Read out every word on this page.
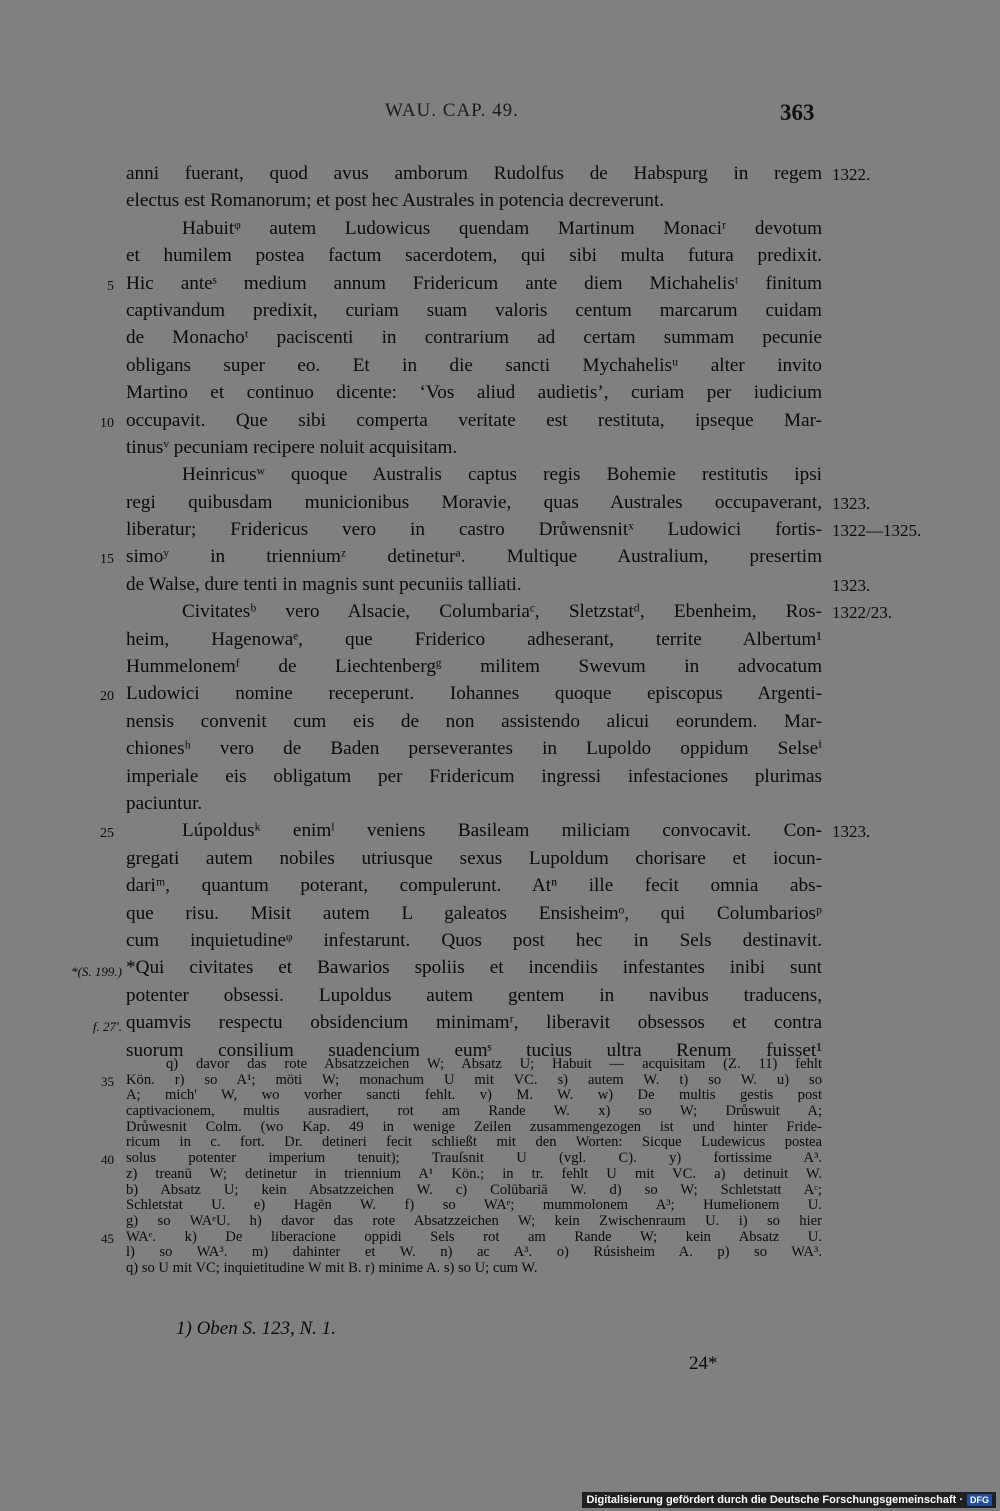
WAU. CAP. 49.	363
anni fuerant, quod avus amborum Rudolfus de Habspurg in regem 1322.
electus est Romanorum; et post hec Australes in potencia decreverunt.
Habuitᵠ autem Ludowicus quendam Martinum Monaciʳ devotum
et humilem postea factum sacerdotem, qui sibi multa futura predixit.
Hic anteˢ medium annum Fridericum ante diem Michahelisᵗ finitum
5
captivandum predixit, curiam suam valoris centum marcarum cuidam
de Monachoᵗ paciscenti in contrarium ad certam summam pecunie
obligans super eo. Et in die sancti Mychahelisᵘ alter invito
Martino et continuo dicente: ‘Vos aliud audietis’, curiam per iudicium
occupavit. Que sibi comperta veritate est restituta, ipseque Mar-
10
tinusᵛ pecuniam recipere noluit acquisitam.
Heinricusʷ quoque Australis captus regis Bohemie restitutis ipsi
regi quibusdam municionibus Moravie, quas Australes occupaverant, 1323.
liberatur; Fridericus vero in castro Drůwensnitˣ Ludowici fortis- 1322—1325.
simoʸ in trienniumᶻ detineturᵃ. Multique Australium, presertim
15
de Walse, dure tenti in magnis sunt pecuniis talliati.	1323.
Civitatesᵇ vero Alsacie, Columbariaᶜ, Sletzstatᵈ, Ebenheim, Ros- 1322/23.
heim, Hagenowaᵉ, que Friderico adheserant, territe Albertum¹
Hummelonemᶠ de Liechtenbergᵍ militem Swevum in advocatum
Ludowici nomine receperunt. Iohannes quoque episcopus Argenti-
20
nensis convenit cum eis de non assistendo alicui eorundem. Mar-
chionesʰ vero de Baden perseverantes in Lupoldo oppidum Selseⁱ
imperiale eis obligatum per Fridericum ingressi infestaciones plurimas
paciuntur.
Lúpoldusᵏ enimˡ veniens Basileam miliciam convocavit. Con-
25	1323.
gregati autem nobiles utriusque sexus Lupoldum chorisare et iocun-
dariᵐ, quantum poterant, compulerunt. Atⁿ ille fecit omnia abs-
que risu. Misit autem L galeatos Ensisheimᵒ, qui Columbariosᵖ
cum inquietudineᵠ infestarunt. Quos post hec in Sels destinavit.
*Qui civitates et Bawarios spoliis et incendiis infestantes inibi sunt
*(S. 199.)
potenter obsessi. Lupoldus autem gentem in navibus traducens,
quamvis respectu obsidencium minimamʳ, liberavit obsessos et contra
f. 27'.
suorum consilium suadencium eumˢ tucius ultra Renum fuisset¹
q) davor das rote Absatzzeichen W; Absatz U; Habuit — acquisitam (Z. 11) fehlt
Kön. r) so A¹; möti W; monachum U mit VC. s) autem W. t) so W. u) so
35
A; mich' W, wo vorher sancti fehlt. v) M. W. w) De multis gestis post
captivacionem, multis ausradiert, rot am Rande W. x) so W; Drůswuit A;
Drůwesnit Colm. (wo Kap. 49 in wenige Zeilen zusammengezogen ist und hinter Fride-
ricum in c. fort. Dr. detineri fecit schließt mit den Worten: Sicque Ludewicus postea
solus potenter imperium tenuit); Trauſsnit U (vgl. C). y) fortissime A³.
40
z) treanū W; detinetur in triennium A¹ Kön.; in tr. fehlt U mit VC. a) detinuit W.
b) Absatz U; kein Absatzzeichen W. c) Colūbariā W. d) so W; Schletstatt Aᶜ;
Schletstat U. e) Hagēn W. f) so WAᵉ; mummolonem A³; Humelionem U.
g) so WAᵉU. h) davor das rote Absatzzeichen W; kein Zwischenraum U. i) so hier
WAᵉ. k) De liberacione oppidi Sels rot am Rande W; kein Absatz U.
45
l) so WA³. m) dahinter et W. n) ac A³. o) Rúsisheim A. p) so WA³.
q) so U mit VC; inquietitudine W mit B. r) minime A. s) so U; cum W.
1) Oben S. 123, N. 1.
24*
Digitalisierung gefördert durch die Deutsche Forschungsgemeinschaft · DFG
